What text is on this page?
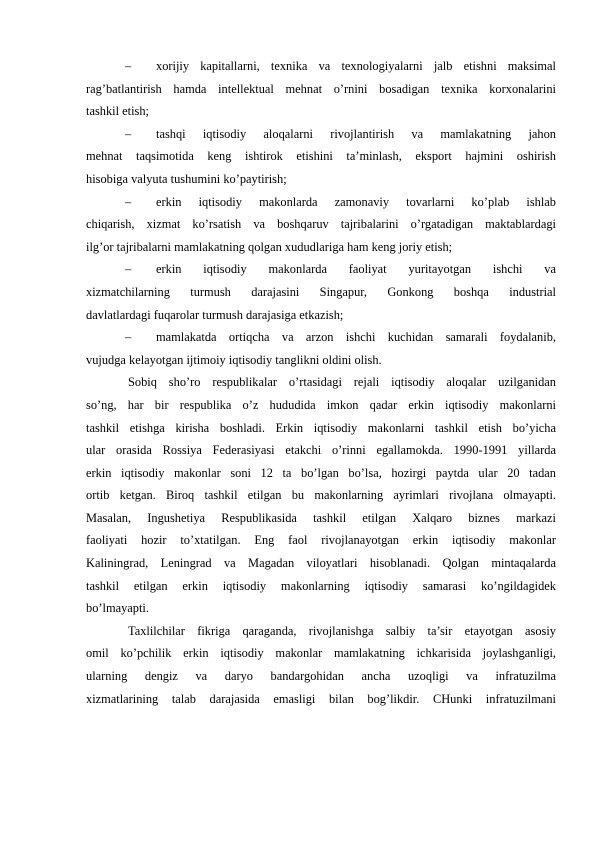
– xorijiy kapitallarni, texnika va texnologiyalarni jalb etishni maksimal
rag’batlantirish hamda intellektual mehnat o’rnini bosadigan texnika korxonalarini
tashkil etish;
– tashqi iqtisodiy aloqalarni rivojlantirish va mamlakatning jahon
mehnat taqsimotida keng ishtirok etishini ta’minlash, eksport hajmini oshirish
hisobiga valyuta tushumini ko’paytirish;
– erkin iqtisodiy makonlarda zamonaviy tovarlarni ko’plab ishlab
chiqarish, xizmat ko’rsatish va boshqaruv tajribalarini o’rgatadigan maktablardagi
ilg’or tajribalarni mamlakatning qolgan xududlariga ham keng joriy etish;
– erkin iqtisodiy makonlarda faoliyat yuritayotgan ishchi va
xizmatchilarning turmush darajasini Singapur, Gonkong boshqa industrial
davlatlardagi fuqarolar turmush darajasiga etkazish;
– mamlakatda ortiqcha va arzon ishchi kuchidan samarali foydalanib,
vujudga kelayotgan ijtimoiy iqtisodiy tanglikni oldini olish.
Sobiq sho’ro respublikalar o’rtasidagi rejali iqtisodiy aloqalar uzilganidan
so’ng, har bir respublika o’z hududida imkon qadar erkin iqtisodiy makonlarni
tashkil etishga kirisha boshladi. Erkin iqtisodiy makonlarni tashkil etish bo’yicha
ular orasida Rossiya Federasiyasi etakchi o’rinni egallamokda. 1990-1991 yillarda
erkin iqtisodiy makonlar soni 12 ta bo’lgan bo’lsa, hozirgi paytda ular 20 tadan
ortib ketgan. Biroq tashkil etilgan bu makonlarning ayrimlari rivojlana olmayapti.
Masalan, Ingushetiya Respublikasida tashkil etilgan Xalqaro biznes markazi
faoliyati hozir to’xtatilgan. Eng faol rivojlanayotgan erkin iqtisodiy makonlar
Kaliningrad, Leningrad va Magadan viloyatlari hisoblanadi. Qolgan mintaqalarda
tashkil etilgan erkin iqtisodiy makonlarning iqtisodiy samarasi ko’ngildagidek
bo’lmayapti.
Taxlilchilar fikriga qaraganda, rivojlanishga salbiy ta’sir etayotgan asosiy
omil ko’pchilik erkin iqtisodiy makonlar mamlakatning ichkarisida joylashganligi,
ularning dengiz va daryo bandargohidan ancha uzoqligi va infratuzilma
xizmatlarining talab darajasida emasligi bilan bog’likdir. CHunki infratuzilmani
